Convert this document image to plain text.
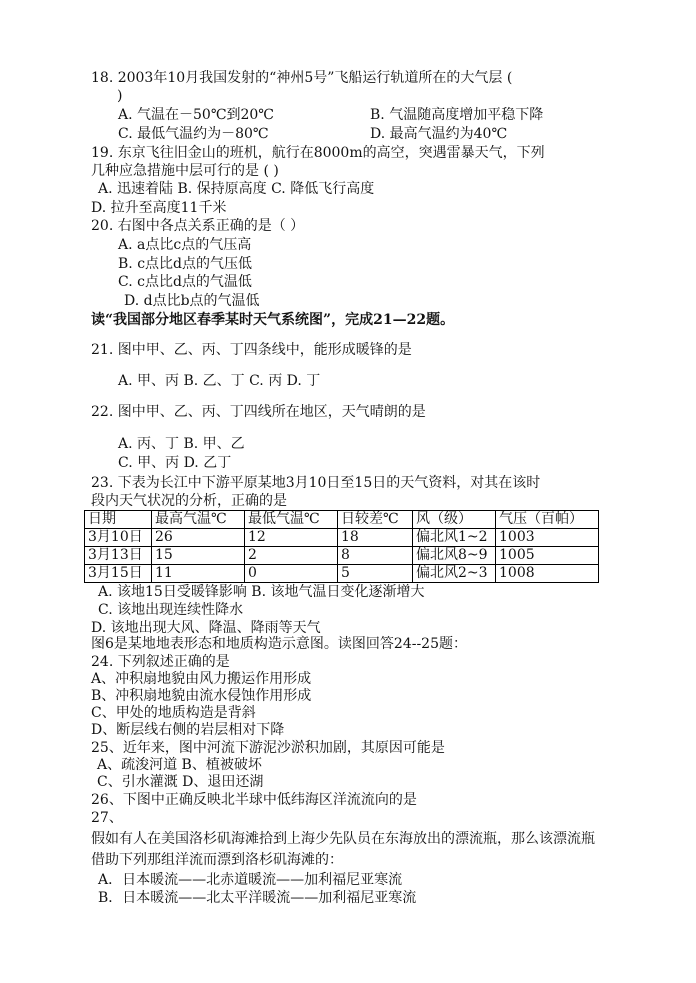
18. 2003年10月我国发射的“神州5号”飞船运行轨道所在的大气层 (
)
A. 气温在－50℃到20℃	B. 气温随高度增加平稳下降
C. 最低气温约为－80℃	D. 最高气温约为40℃
19. 东京飞往旧金山的班机，航行在8000m的高空，突遇雷暴天气，下列
几种应急措施中层可行的是 ( )
A. 迅速着陆 B. 保持原高度 C. 降低飞行高度
D. 拉升至高度11千米
20. 右图中各点关系正确的是（ ）
A. a点比c点的气压高
B. c点比d点的气压低
C. c点比d点的气温低
D. d点比b点的气温低
读“我国部分地区春季某时天气系统图”，完成21—22题。
21. 图中甲、乙、丙、丁四条线中，能形成暖锋的是
A. 甲、丙 B. 乙、丁 C. 丙 D. 丁
22. 图中甲、乙、丙、丁四线所在地区，天气晴朗的是
A. 丙、丁 B. 甲、乙
C. 甲、丙 D. 乙丁
23. 下表为长江中下游平原某地3月10日至15日的天气资料，对其在该时
段内天气状况的分析，正确的是
日期	最高气温℃	最低气温℃	日较差℃	风（级）	气压（百帕）
3月10日	26	12	18	偏北风1~2	1003
3月13日	15	2	8	偏北风8~9	1005
3月15日	11	0	5	偏北风2~3	1008
A. 该地15日受暖锋影响 B. 该地气温日变化逐渐增大
C. 该地出现连续性降水
D. 该地出现大风、降温、降雨等天气
图6是某地地表形态和地质构造示意图。读图回答24--25题：
24. 下列叙述正确的是
A、冲积扇地貌由风力搬运作用形成
B、冲积扇地貌由流水侵蚀作用形成
C、甲处的地质构造是背斜
D、断层线右侧的岩层相对下降
25、近年来，图中河流下游泥沙淤积加剧，其原因可能是
A、疏浚河道 B、植被破坏
C、引水灌溉 D、退田还湖
26、下图中正确反映北半球中低纬海区洋流流向的是
27、
假如有人在美国洛杉矶海滩拾到上海少先队员在东海放出的漂流瓶，那么该漂流瓶
借助下列那组洋流而漂到洛杉矶海滩的：
A．日本暖流——北赤道暖流——加利福尼亚寒流
B．日本暖流——北太平洋暖流——加利福尼亚寒流
